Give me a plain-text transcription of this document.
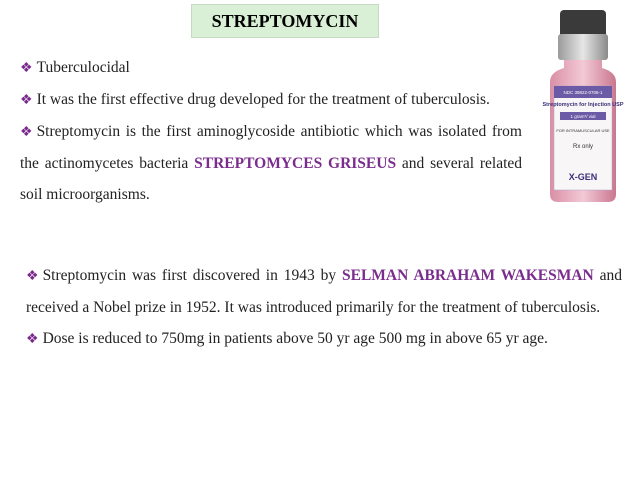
STREPTOMYCIN

❖ Tuberculocidal

❖ It was the first effective drug developed for the treatment of tuberculosis.

❖ Streptomycin is the first aminoglycoside antibiotic which was isolated from the actinomycetes bacteria STREPTOMYCES GRISEUS and several related soil microorganisms.

❖ Streptomycin was first discovered in 1943 by SELMAN ABRAHAM WAKESMAN and received a Nobel prize in 1952. It was introduced primarily for the treatment of tuberculosis.

❖ Dose is reduced to 750mg in patients above 50 yr age 500 mg in above 65 yr age.

NDC 39822-0706-1
Streptomycin for Injection USP
1 gram*/ vial
FOR INTRAMUSCULAR USE
Rx only
X-GEN
